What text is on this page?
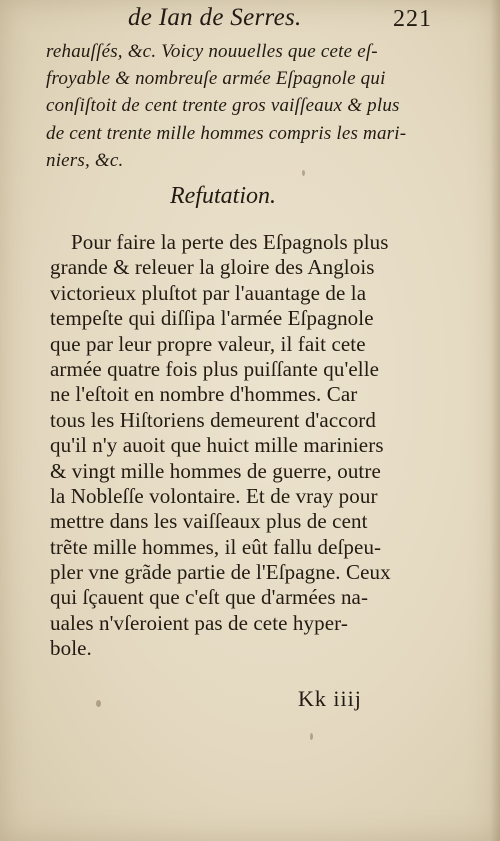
de Ian de Serres.	221
rehauſſés, &c. Voicy nouuelles que cete eſ-
froyable & nombreuſe armée Eſpagnole qui
conſiſtoit de cent trente gros vaiſſeaux & plus
de cent trente mille hommes compris les mari-
niers, &c.
Refutation.
Pour faire la perte des Eſpagnols plus
grande & releuer la gloire des Anglois
victorieux pluſtot par l'auantage de la
tempeſte qui diſſipa l'armée Eſpagnole
que par leur propre valeur, il fait cete
armée quatre fois plus puiſſante qu'elle
ne l'eſtoit en nombre d'hommes. Car
tous les Hiſtoriens demeurent d'accord
qu'il n'y auoit que huict mille mariniers
& vingt mille hommes de guerre, outre
la Nobleſſe volontaire. Et de vray pour
mettre dans les vaiſſeaux plus de cent
trẽte mille hommes, il eût fallu deſpeu-
pler vne grãde partie de l'Eſpagne. Ceux
qui ſçauent que c'eſt que d'armées na-
uales n'vſeroient pas de cete hyper-
bole.
Kk iiij
